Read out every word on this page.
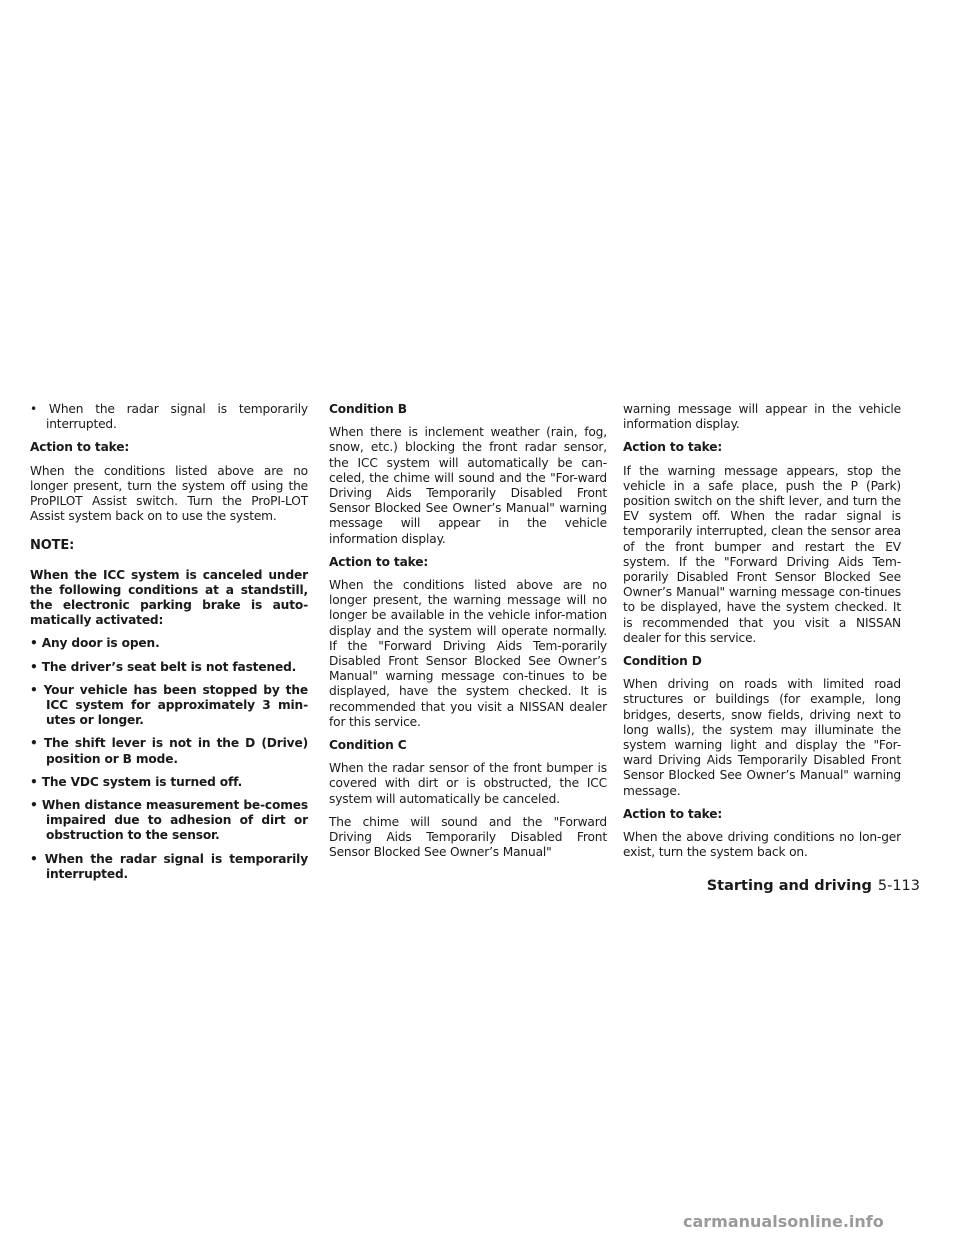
• When the radar signal is temporarily interrupted.

Action to take:

When the conditions listed above are no longer present, turn the system off using the ProPILOT Assist switch. Turn the ProPI-LOT Assist system back on to use the system.

NOTE:

When the ICC system is canceled under the following conditions at a standstill, the electronic parking brake is auto-matically activated:

• Any door is open.

• The driver’s seat belt is not fastened.

• Your vehicle has been stopped by the ICC system for approximately 3 min-utes or longer.

• The shift lever is not in the D (Drive) position or B mode.

• The VDC system is turned off.

• When distance measurement be-comes impaired due to adhesion of dirt or obstruction to the sensor.

• When the radar signal is temporarily interrupted.

Condition B

When there is inclement weather (rain, fog, snow, etc.) blocking the front radar sensor, the ICC system will automatically be can-celed, the chime will sound and the "For-ward Driving Aids Temporarily Disabled Front Sensor Blocked See Owner’s Manual" warning message will appear in the vehicle information display.

Action to take:

When the conditions listed above are no longer present, the warning message will no longer be available in the vehicle infor-mation display and the system will operate normally. If the "Forward Driving Aids Tem-porarily Disabled Front Sensor Blocked See Owner’s Manual" warning message con-tinues to be displayed, have the system checked. It is recommended that you visit a NISSAN dealer for this service.

Condition C

When the radar sensor of the front bumper is covered with dirt or is obstructed, the ICC system will automatically be canceled.

The chime will sound and the "Forward Driving Aids Temporarily Disabled Front Sensor Blocked See Owner’s Manual"

warning message will appear in the vehicle information display.

Action to take:

If the warning message appears, stop the vehicle in a safe place, push the P (Park) position switch on the shift lever, and turn the EV system off. When the radar signal is temporarily interrupted, clean the sensor area of the front bumper and restart the EV system. If the "Forward Driving Aids Tem-porarily Disabled Front Sensor Blocked See Owner’s Manual" warning message con-tinues to be displayed, have the system checked. It is recommended that you visit a NISSAN dealer for this service.

Condition D

When driving on roads with limited road structures or buildings (for example, long bridges, deserts, snow fields, driving next to long walls), the system may illuminate the system warning light and display the "For-ward Driving Aids Temporarily Disabled Front Sensor Blocked See Owner’s Manual" warning message.

Action to take:

When the above driving conditions no lon-ger exist, turn the system back on.

Starting and driving 5-113
carmanualsonline.info
